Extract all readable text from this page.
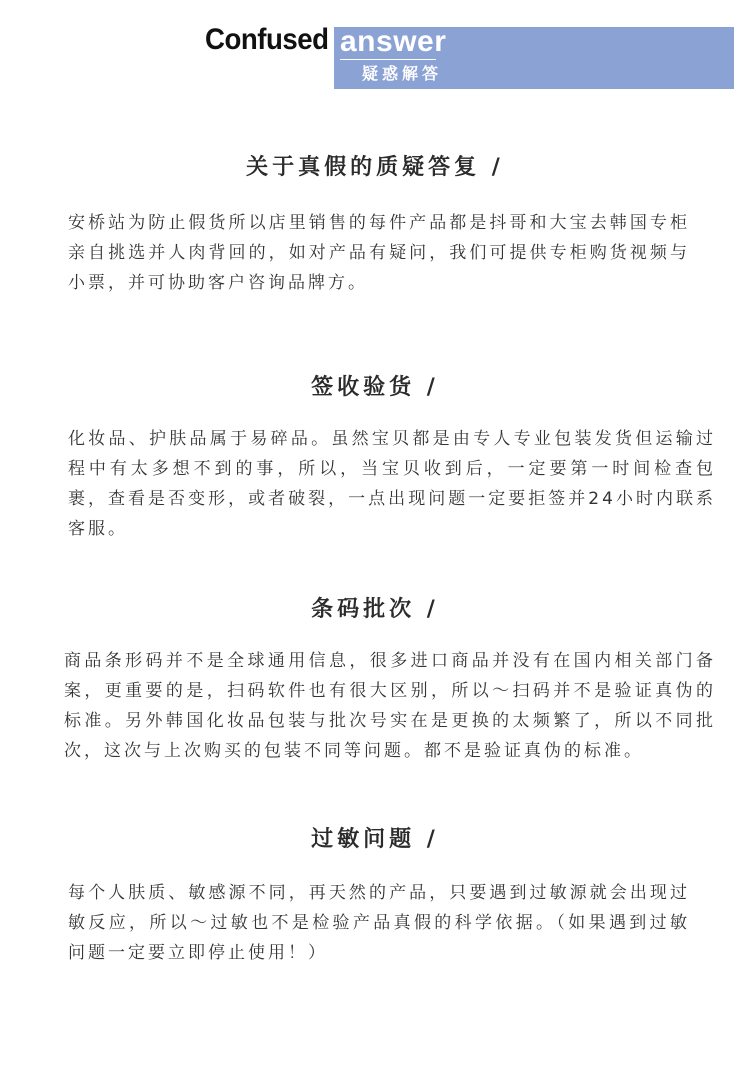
Confused answer
疑惑解答
关于真假的质疑答复 /
安桥站为防止假货所以店里销售的每件产品都是抖哥和大宝去韩国专柜亲自挑选并人肉背回的，如对产品有疑问，我们可提供专柜购货视频与小票，并可协助客户咨询品牌方。
签收验货 /
化妆品、护肤品属于易碎品。虽然宝贝都是由专人专业包装发货但运输过程中有太多想不到的事，所以，当宝贝收到后，一定要第一时间检查包裹，查看是否变形，或者破裂，一点出现问题一定要拒签并24小时内联系客服。
条码批次 /
商品条形码并不是全球通用信息，很多进口商品并没有在国内相关部门备案，更重要的是，扫码软件也有很大区别，所以～扫码并不是验证真伪的标准。另外韩国化妆品包装与批次号实在是更换的太频繁了，所以不同批次，这次与上次购买的包装不同等问题。都不是验证真伪的标准。
过敏问题 /
每个人肤质、敏感源不同，再天然的产品，只要遇到过敏源就会出现过敏反应，所以～过敏也不是检验产品真假的科学依据。（如果遇到过敏问题一定要立即停止使用！）
